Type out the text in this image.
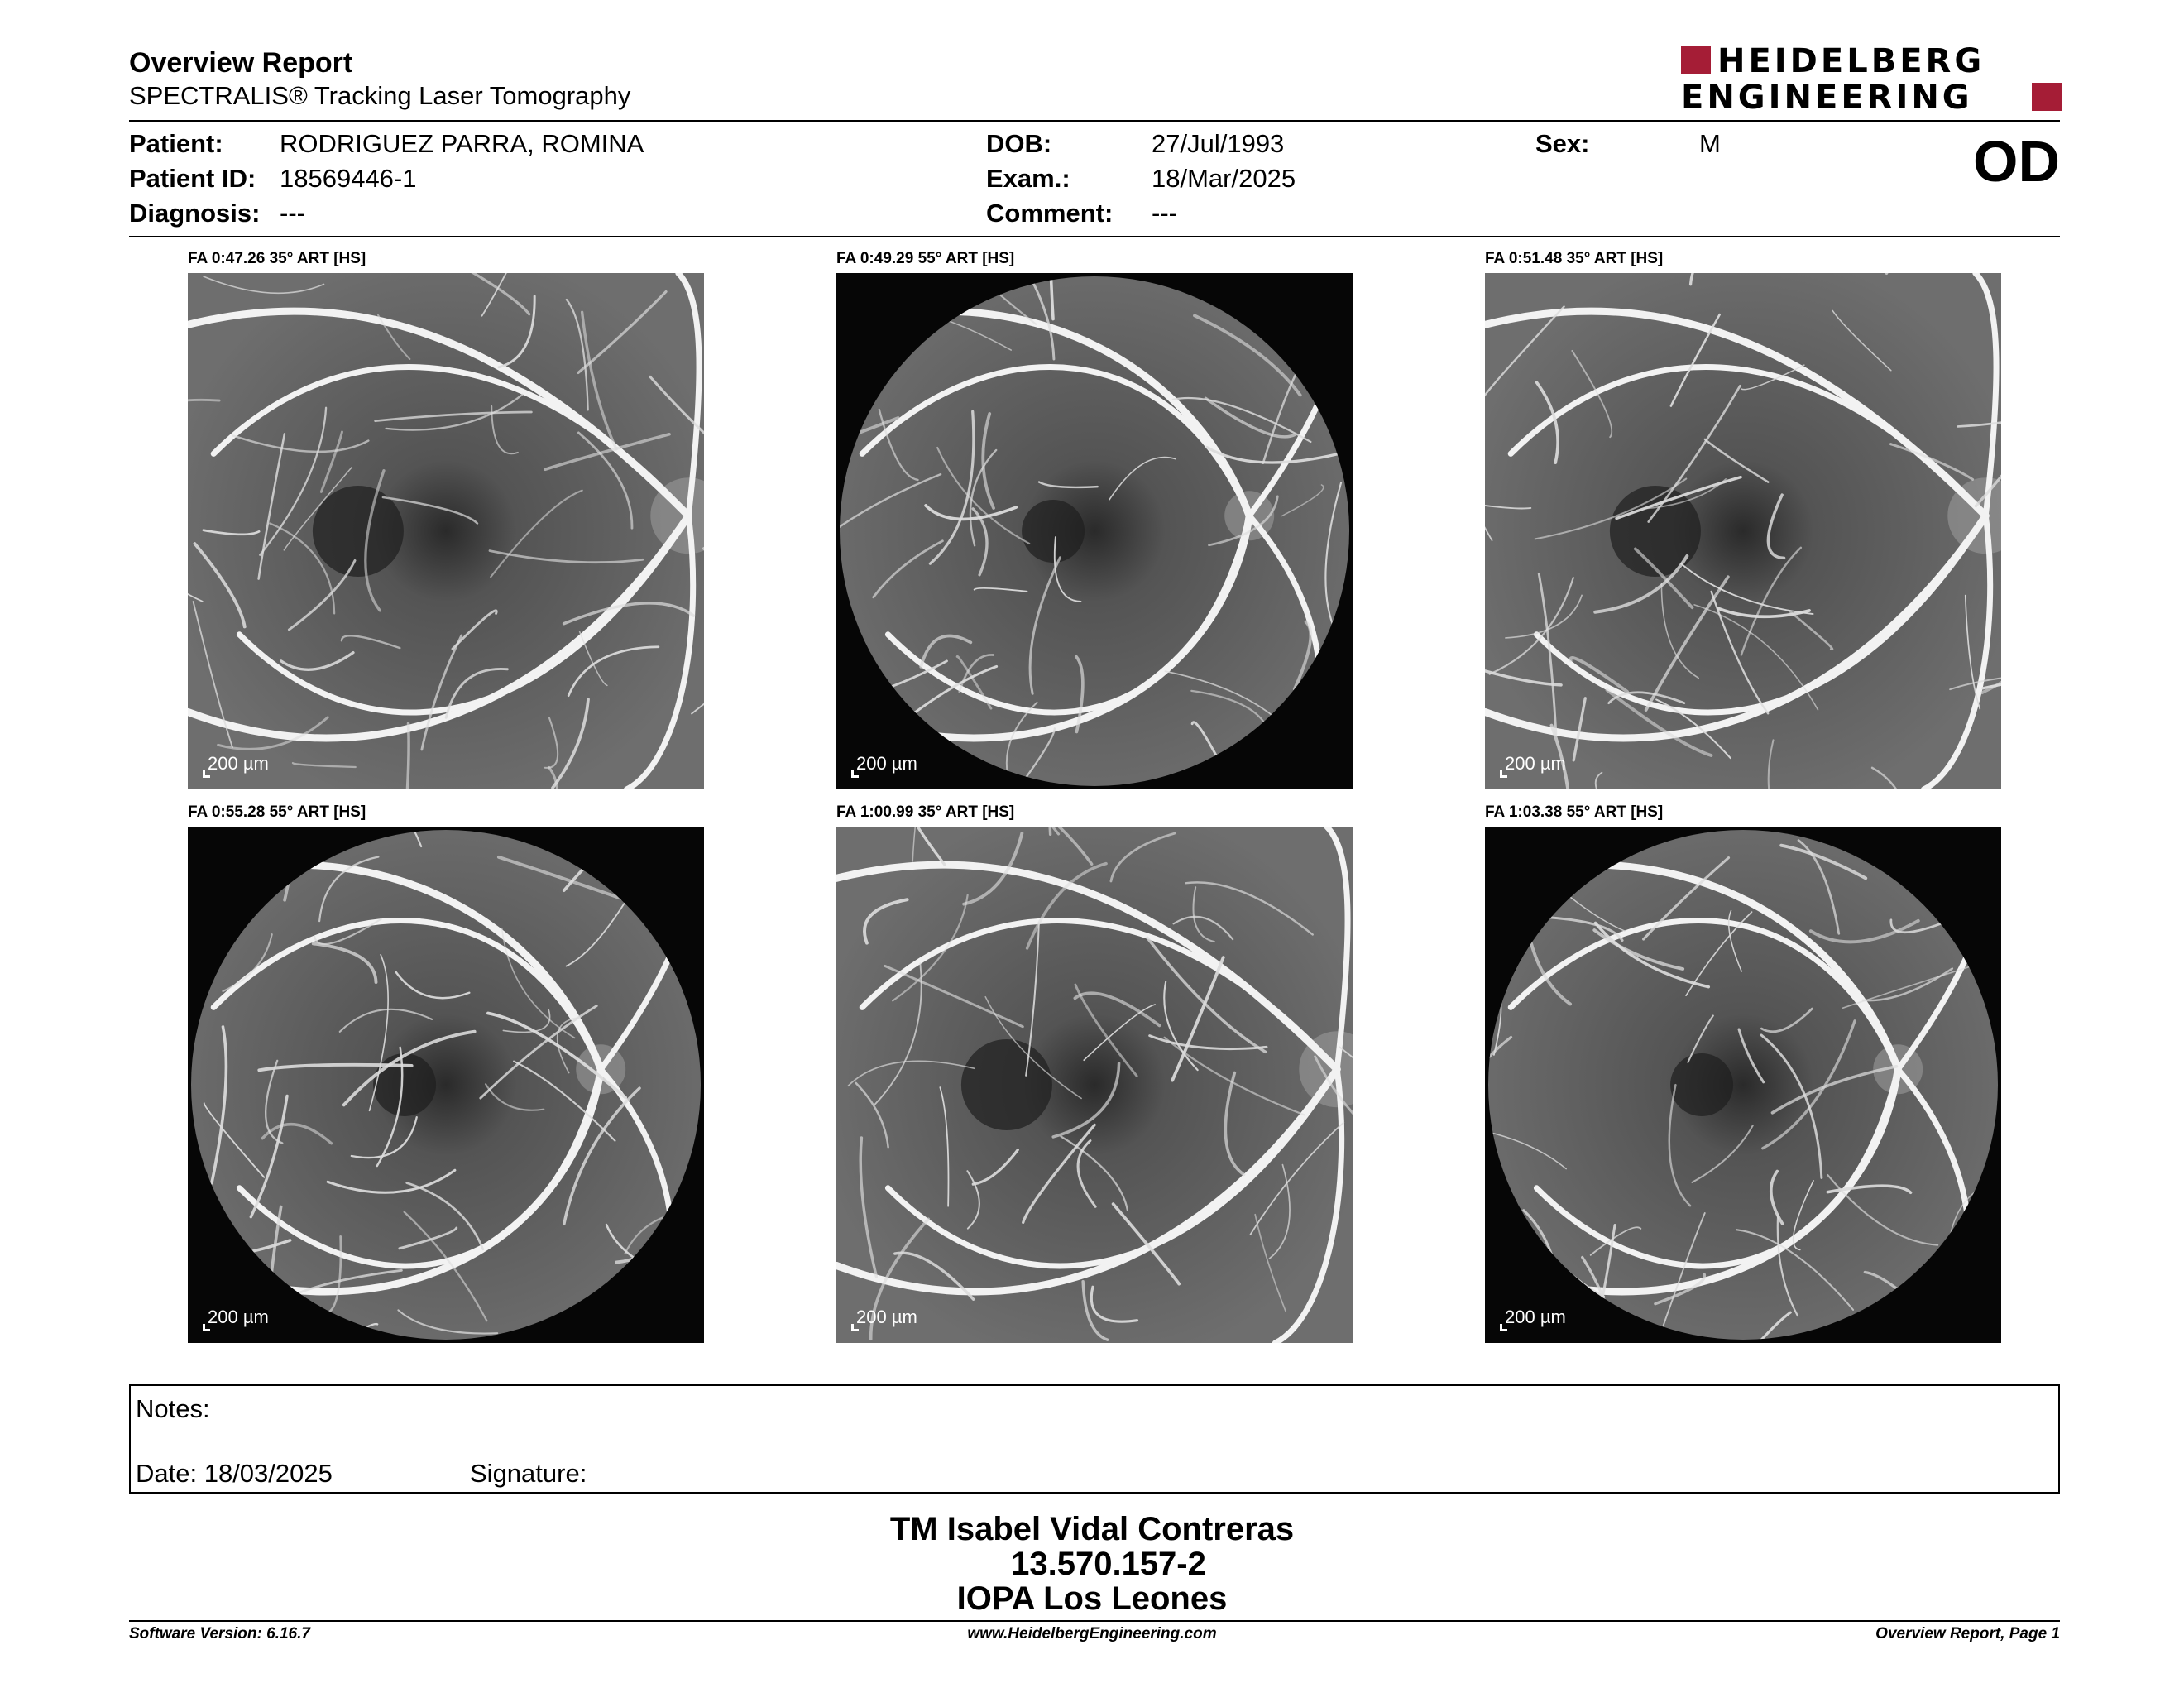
Overview Report
SPECTRALIS® Tracking Laser Tomography
HEIDELBERG
ENGINEERING
Patient: RODRIGUEZ PARRA, ROMINA
Patient ID: 18569446-1
Diagnosis: ---
DOB:	27/Jul/1993
Exam.:	18/Mar/2025
Comment: ---
Sex:	M	OD
FA 0:47.26 35° ART [HS]
200 µm
FA 0:49.29 55° ART [HS]
200 µm
FA 0:51.48 35° ART [HS]
200 µm
FA 0:55.28 55° ART [HS]
200 µm
FA 1:00.99 35° ART [HS]
200 µm
FA 1:03.38 55° ART [HS]
200 µm
Notes:
Date: 18/03/2025	Signature:
TM Isabel Vidal Contreras
13.570.157-2
IOPA Los Leones
Software Version: 6.16.7	www.HeidelbergEngineering.com	Overview Report, Page 1
